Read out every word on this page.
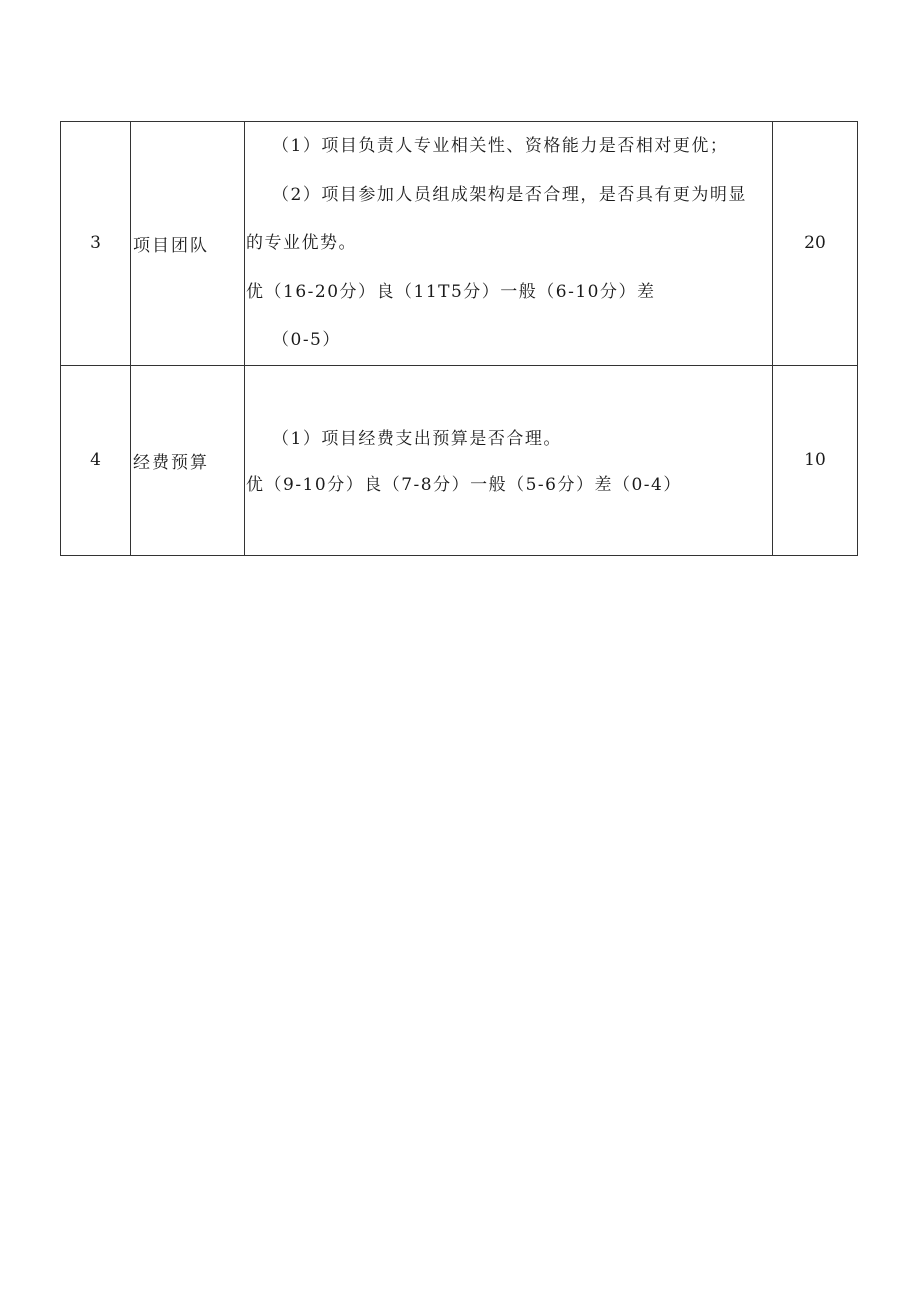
3	项目团队	（1）项目负责人专业相关性、资格能力是否相对更优；

（2）项目参加人员组成架构是否合理，是否具有更为明显

的专业优势。

优（16-20分）良（11T5分）一般（6-10分）差

（0-5）	20
4	经费预算	（1）项目经费支出预算是否合理。

优（9-10分）良（7-8分）一般（5-6分）差（0-4）	10
